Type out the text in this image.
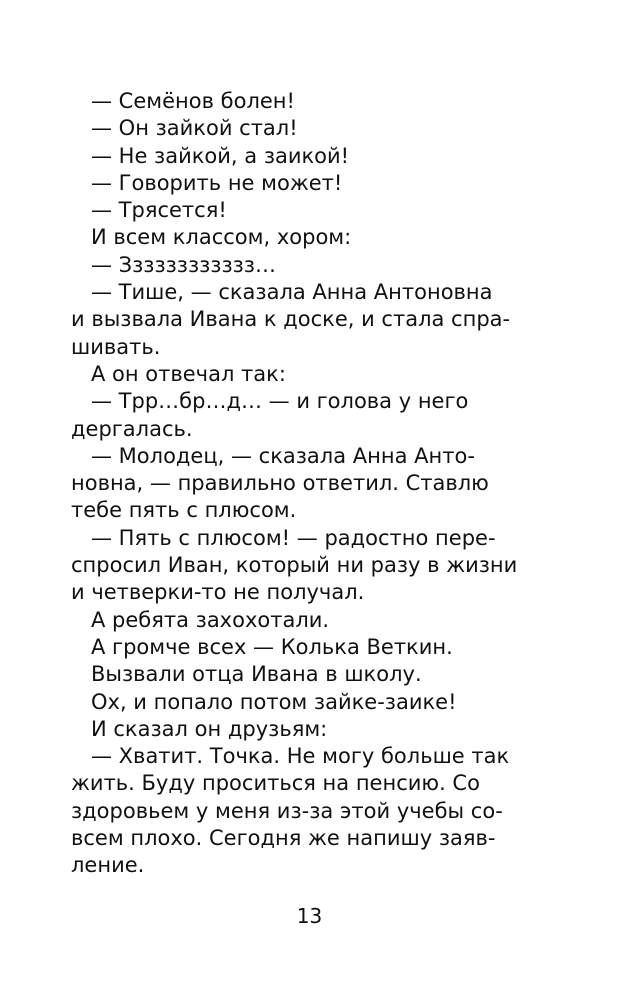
— Семёнов болен!
— Он зайкой стал!
— Не зайкой, а заикой!
— Говорить не может!
— Трясется!
И всем классом, хором:
— Зззззззззззз…
— Тише, — сказала Анна Антоновна
и вызвала Ивана к доске, и стала спра-
шивать.
А он отвечал так:
— Трр…бр…д… — и голова у него
дергалась.
— Молодец, — сказала Анна Анто-
новна, — правильно ответил. Ставлю
тебе пять с плюсом.
— Пять с плюсом! — радостно пере-
спросил Иван, который ни разу в жизни
и четверки-то не получал.
А ребята захохотали.
А громче всех — Колька Веткин.
Вызвали отца Ивана в школу.
Ох, и попало потом зайке-заике!
И сказал он друзьям:
— Хватит. Точка. Не могу больше так
жить. Буду проситься на пенсию. Со
здоровьем у меня из-за этой учебы со-
всем плохо. Сегодня же напишу заяв-
ление.
13
